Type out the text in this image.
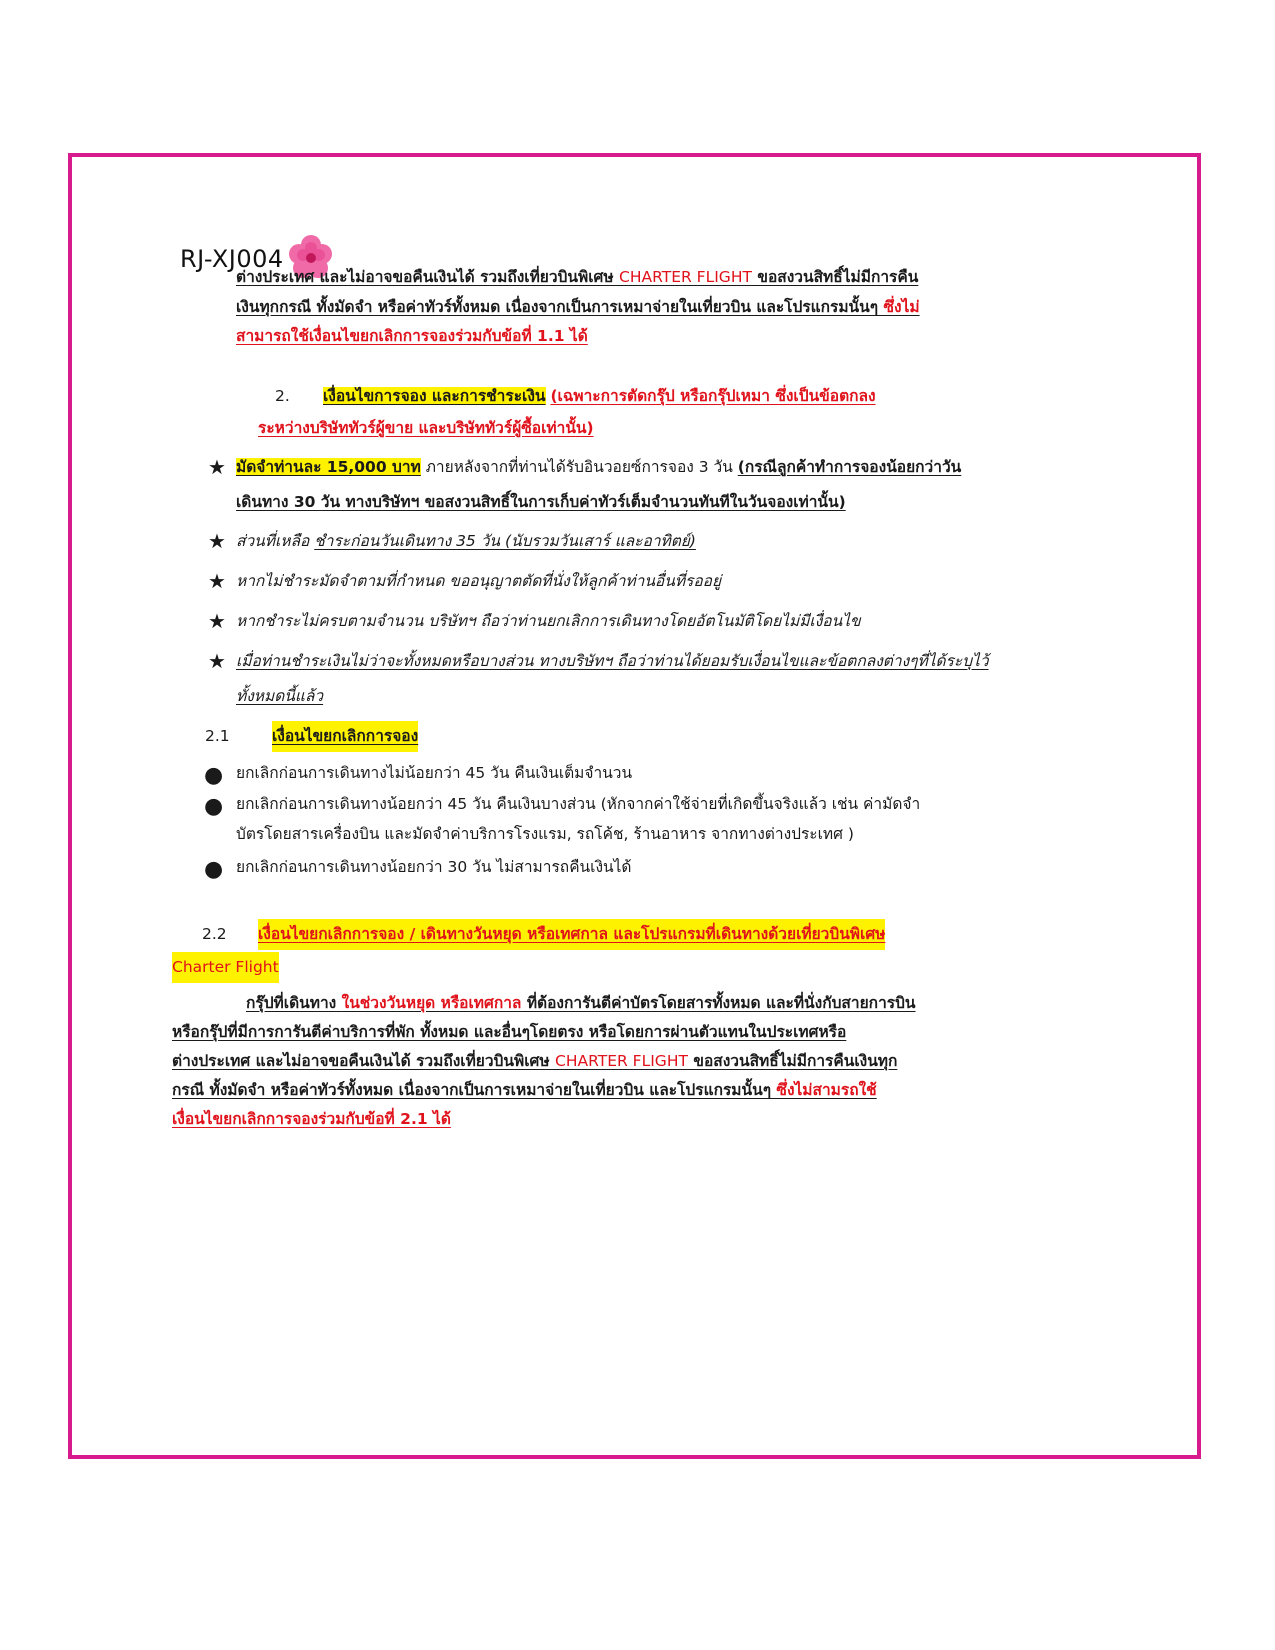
RJ-XJ004
ต่างประเทศ และไม่อาจขอคืนเงินได้ รวมถึงเที่ยวบินพิเศษ CHARTER FLIGHT ขอสงวนสิทธิ์ไม่มีการคืน
เงินทุกกรณี ทั้งมัดจำ หรือค่าทัวร์ทั้งหมด เนื่องจากเป็นการเหมาจ่ายในเที่ยวบิน และโปรแกรมนั้นๆ ซึ่งไม่
สามารถใช้เงื่อนไขยกเลิกการจองร่วมกับข้อที่ 1.1 ได้
2. เงื่อนไขการจอง และการชำระเงิน (เฉพาะการตัดกรุ๊ป หรือกรุ๊ปเหมา ซึ่งเป็นข้อตกลง
ระหว่างบริษัททัวร์ผู้ขาย และบริษัททัวร์ผู้ซื้อเท่านั้น)
★ มัดจำท่านละ 15,000 บาท ภายหลังจากที่ท่านได้รับอินวอยซ์การจอง 3 วัน (กรณีลูกค้าทำการจองน้อยกว่าวัน
เดินทาง 30 วัน ทางบริษัทฯ ขอสงวนสิทธิ์ในการเก็บค่าทัวร์เต็มจำนวนทันทีในวันจองเท่านั้น)
★ ส่วนที่เหลือ ชำระก่อนวันเดินทาง 35 วัน (นับรวมวันเสาร์ และอาทิตย์)
★ หากไม่ชำระมัดจำตามที่กำหนด ขออนุญาตตัดที่นั่งให้ลูกค้าท่านอื่นที่รออยู่
★ หากชำระไม่ครบตามจำนวน บริษัทฯ ถือว่าท่านยกเลิกการเดินทางโดยอัตโนมัติโดยไม่มีเงื่อนไข
★ เมื่อท่านชำระเงินไม่ว่าจะทั้งหมดหรือบางส่วน ทางบริษัทฯ ถือว่าท่านได้ยอมรับเงื่อนไขและข้อตกลงต่างๆที่ได้ระบุไว้
ทั้งหมดนี้แล้ว
2.1	เงื่อนไขยกเลิกการจอง
● ยกเลิกก่อนการเดินทางไม่น้อยกว่า 45 วัน คืนเงินเต็มจำนวน
● ยกเลิกก่อนการเดินทางน้อยกว่า 45 วัน คืนเงินบางส่วน (หักจากค่าใช้จ่ายที่เกิดขึ้นจริงแล้ว เช่น ค่ามัดจำ
บัตรโดยสารเครื่องบิน และมัดจำค่าบริการโรงแรม, รถโค้ช, ร้านอาหาร จากทางต่างประเทศ )
● ยกเลิกก่อนการเดินทางน้อยกว่า 30 วัน ไม่สามารถคืนเงินได้
2.2 เงื่อนไขยกเลิกการจอง / เดินทางวันหยุด หรือเทศกาล และโปรแกรมที่เดินทางด้วยเที่ยวบินพิเศษ
Charter Flight
กรุ๊ปที่เดินทาง ในช่วงวันหยุด หรือเทศกาล ที่ต้องการันตีค่าบัตรโดยสารทั้งหมด และที่นั่งกับสายการบิน
หรือกรุ๊ปที่มีการการันตีค่าบริการที่พัก ทั้งหมด และอื่นๆโดยตรง หรือโดยการผ่านตัวแทนในประเทศหรือ
ต่างประเทศ และไม่อาจขอคืนเงินได้ รวมถึงเที่ยวบินพิเศษ CHARTER FLIGHT ขอสงวนสิทธิ์ไม่มีการคืนเงินทุก
กรณี ทั้งมัดจำ หรือค่าทัวร์ทั้งหมด เนื่องจากเป็นการเหมาจ่ายในเที่ยวบิน และโปรแกรมนั้นๆ ซึ่งไม่สามรถใช้
เงื่อนไขยกเลิกการจองร่วมกับข้อที่ 2.1 ได้
